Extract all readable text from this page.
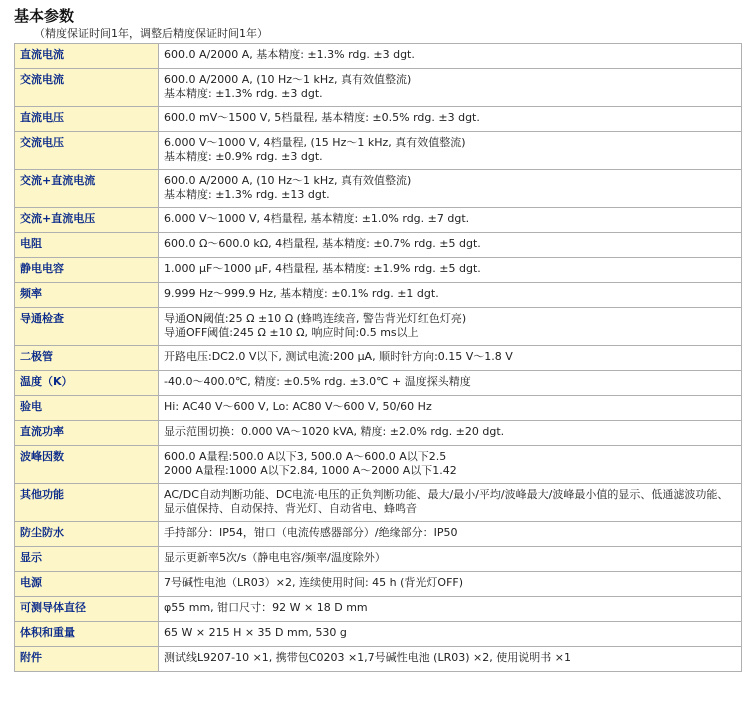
基本参数
（精度保证时间1年，调整后精度保证时间1年）
直流电流	600.0 A/2000 A, 基本精度: ±1.3% rdg. ±3 dgt.

交流电流	600.0 A/2000 A, (10 Hz～1 kHz, 真有效值整流)
基本精度: ±1.3% rdg. ±3 dgt.

直流电压	600.0 mV～1500 V, 5档量程, 基本精度: ±0.5% rdg. ±3 dgt.

交流电压	6.000 V～1000 V, 4档量程, (15 Hz～1 kHz, 真有效值整流)
基本精度: ±0.9% rdg. ±3 dgt.

交流+直流电流	600.0 A/2000 A, (10 Hz～1 kHz, 真有效值整流)
基本精度: ±1.3% rdg. ±13 dgt.

交流+直流电压	6.000 V～1000 V, 4档量程, 基本精度: ±1.0% rdg. ±7 dgt.

电阻	600.0 Ω～600.0 kΩ, 4档量程, 基本精度: ±0.7% rdg. ±5 dgt.

静电电容	1.000 μF～1000 μF, 4档量程, 基本精度: ±1.9% rdg. ±5 dgt.

频率	9.999 Hz～999.9 Hz, 基本精度: ±0.1% rdg. ±1 dgt.

导通检查	导通ON阈值:25 Ω ±10 Ω (蜂鸣连续音, 警告背光灯红色灯亮)
导通OFF阈值:245 Ω ±10 Ω, 响应时间:0.5 ms以上

二极管	开路电压:DC2.0 V以下, 测试电流:200 μA, 顺时针方向:0.15 V～1.8 V

温度（K）	-40.0～400.0℃, 精度: ±0.5% rdg. ±3.0℃ + 温度探头精度

验电	Hi: AC40 V～600 V, Lo: AC80 V～600 V, 50/60 Hz

直流功率	显示范围切换：0.000 VA～1020 kVA, 精度: ±2.0% rdg. ±20 dgt.

波峰因数	600.0 A量程:500.0 A以下3, 500.0 A～600.0 A以下2.5
2000 A量程:1000 A以下2.84, 1000 A～2000 A以下1.42

其他功能	AC/DC自动判断功能、DC电流·电压的正负判断功能、最大/最小/平均/波峰最大/波峰最小值的显示、低通滤波功能、显示值保持、自动保持、背光灯、自动省电、蜂鸣音

防尘防水	手持部分：IP54，钳口（电流传感器部分）/绝缘部分：IP50

显示	显示更新率5次/s（静电电容/频率/温度除外）

电源	7号碱性电池（LR03）×2, 连续使用时间: 45 h (背光灯OFF)

可测导体直径	φ55 mm, 钳口尺寸：92 W × 18 D mm

体积和重量	65 W × 215 H × 35 D mm, 530 g

附件	测试线L9207-10 ×1, 携带包C0203 ×1,7号碱性电池 (LR03) ×2, 使用说明书 ×1
